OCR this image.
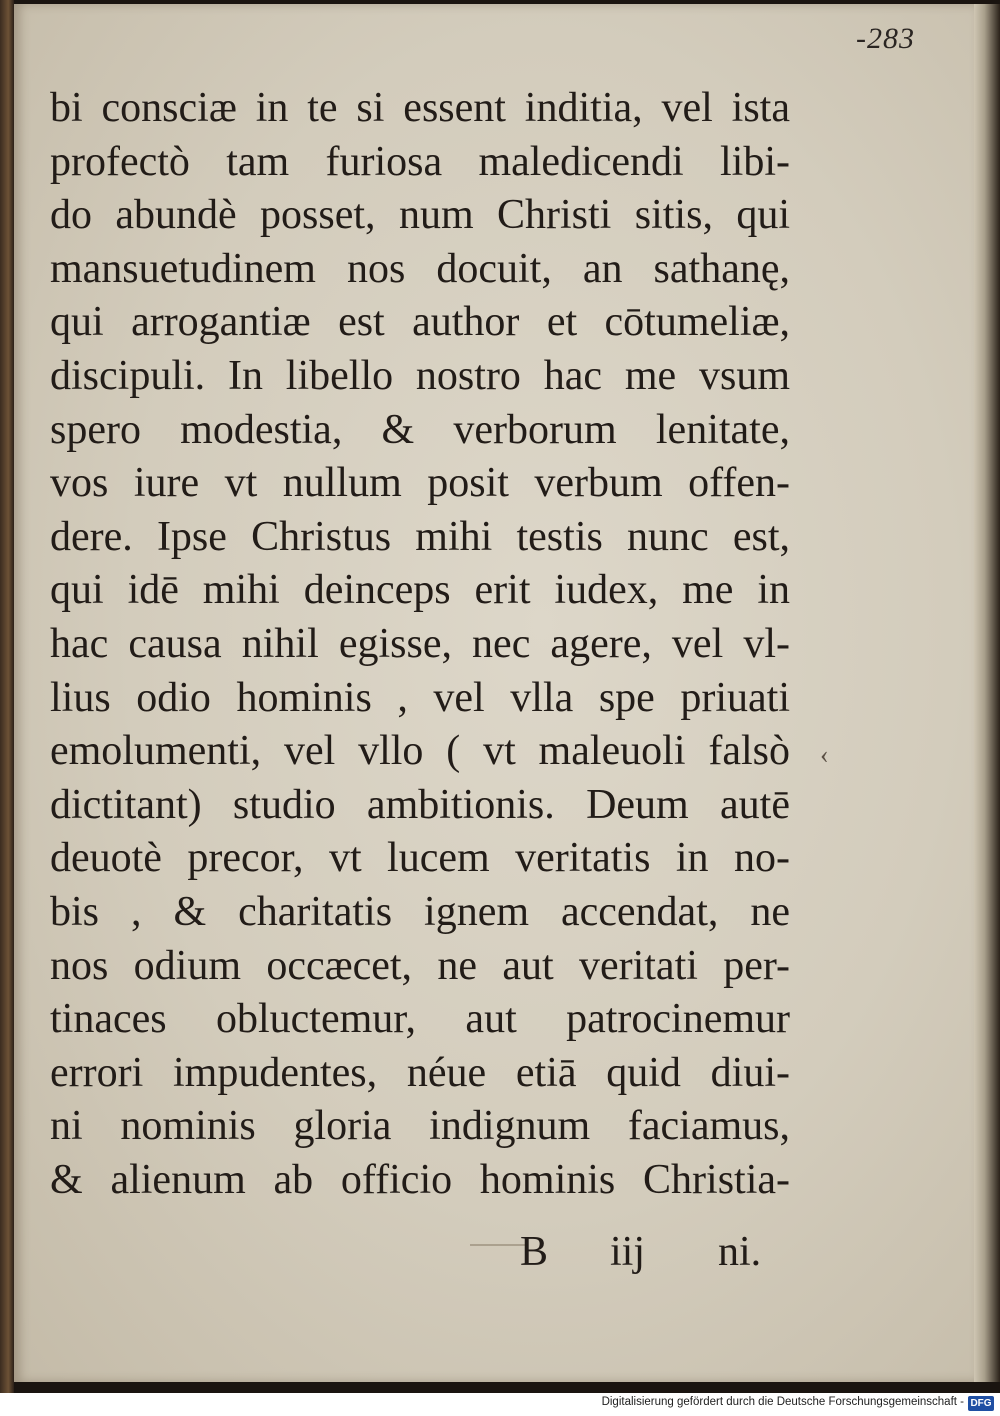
-283
bi consciæ in te si essent inditia, vel ista
profectò tam furiosa maledicendi libi-
do abundè posset, num Christi sitis, qui
mansuetudinem nos docuit, an sathanę,
qui arrogantiæ est author et cōtumeliæ,
discipuli. In libello nostro hac me vsum
spero modestia, & verborum lenitate,
vos iure vt nullum posit verbum offen-
dere. Ipse Christus mihi testis nunc est,
qui idē mihi deinceps erit iudex, me in
hac causa nihil egisse, nec agere, vel vl-
lius odio hominis , vel vlla spe priuati
emolumenti, vel vllo ( vt maleuoli falsò
dictitant) studio ambitionis. Deum autē
deuotè precor, vt lucem veritatis in no-
bis , & charitatis ignem accendat, ne
nos odium occæcet, ne aut veritati per-
tinaces obluctemur, aut patrocinemur
errori impudentes, néue etiā quid diui-
ni nominis gloria indignum faciamus,
& alienum ab officio hominis Christia-
‹
B iij ni.
Digitalisierung gefördert durch die Deutsche Forschungsgemeinschaft - DFG
